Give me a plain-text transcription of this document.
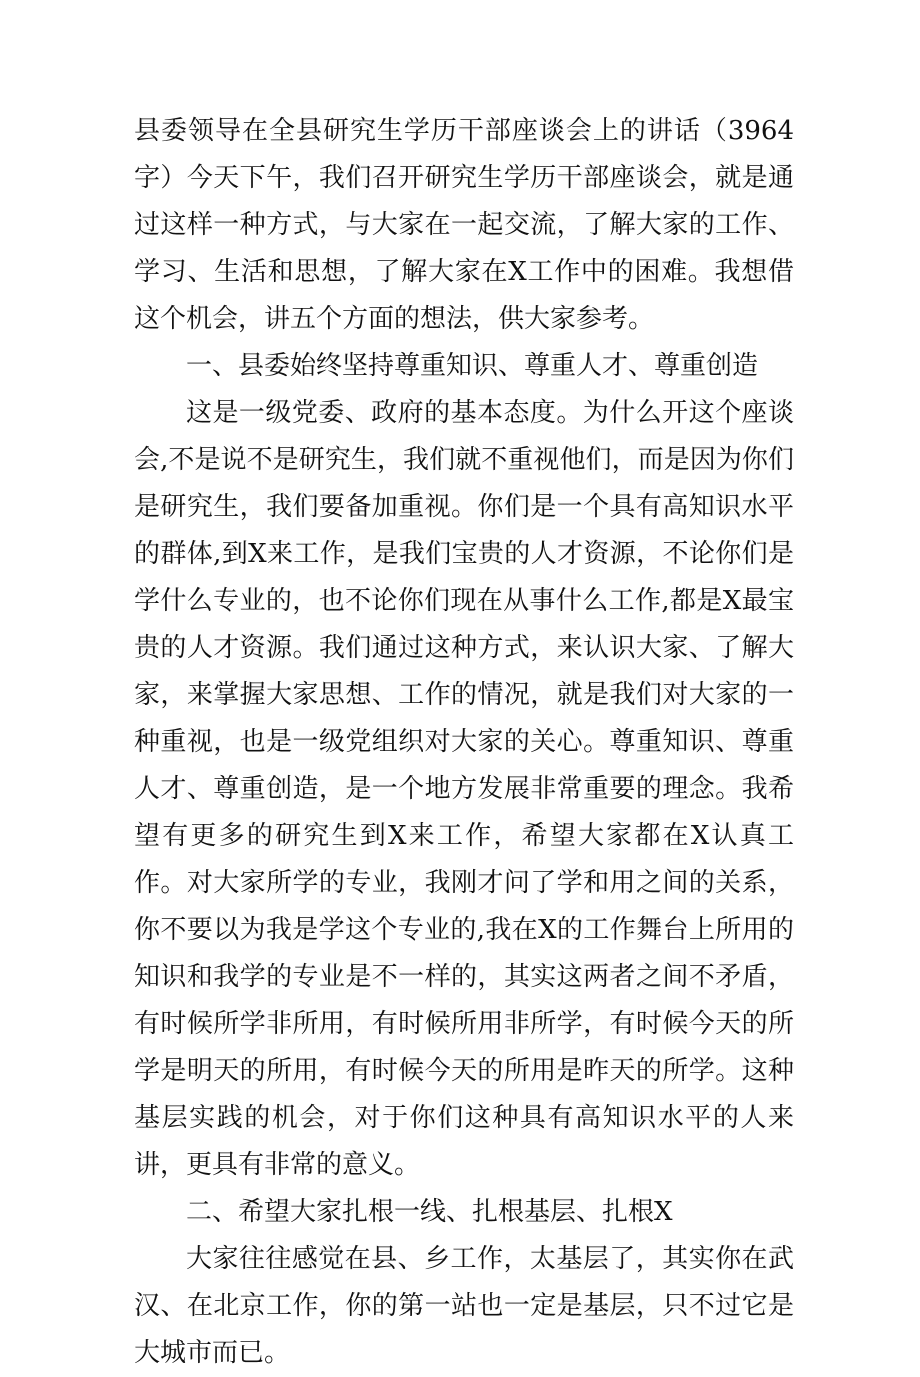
县委领导在全县研究生学历干部座谈会上的讲话（3964字）今天下午，我们召开研究生学历干部座谈会，就是通过这样一种方式，与大家在一起交流，了解大家的工作、学习、生活和思想，了解大家在X工作中的困难。我想借这个机会，讲五个方面的想法，供大家参考。

一、县委始终坚持尊重知识、尊重人才、尊重创造

这是一级党委、政府的基本态度。为什么开这个座谈会,不是说不是研究生，我们就不重视他们，而是因为你们是研究生，我们要备加重视。你们是一个具有高知识水平的群体,到X来工作，是我们宝贵的人才资源，不论你们是学什么专业的，也不论你们现在从事什么工作,都是X最宝贵的人才资源。我们通过这种方式，来认识大家、了解大家，来掌握大家思想、工作的情况，就是我们对大家的一种重视，也是一级党组织对大家的关心。尊重知识、尊重人才、尊重创造，是一个地方发展非常重要的理念。我希望有更多的研究生到X来工作，希望大家都在X认真工作。对大家所学的专业，我刚才问了学和用之间的关系，你不要以为我是学这个专业的,我在X的工作舞台上所用的知识和我学的专业是不一样的，其实这两者之间不矛盾，有时候所学非所用，有时候所用非所学，有时候今天的所学是明天的所用，有时候今天的所用是昨天的所学。这种基层实践的机会，对于你们这种具有高知识水平的人来讲，更具有非常的意义。

二、希望大家扎根一线、扎根基层、扎根X

大家往往感觉在县、乡工作，太基层了，其实你在武汉、在北京工作，你的第一站也一定是基层，只不过它是大城市而已。
